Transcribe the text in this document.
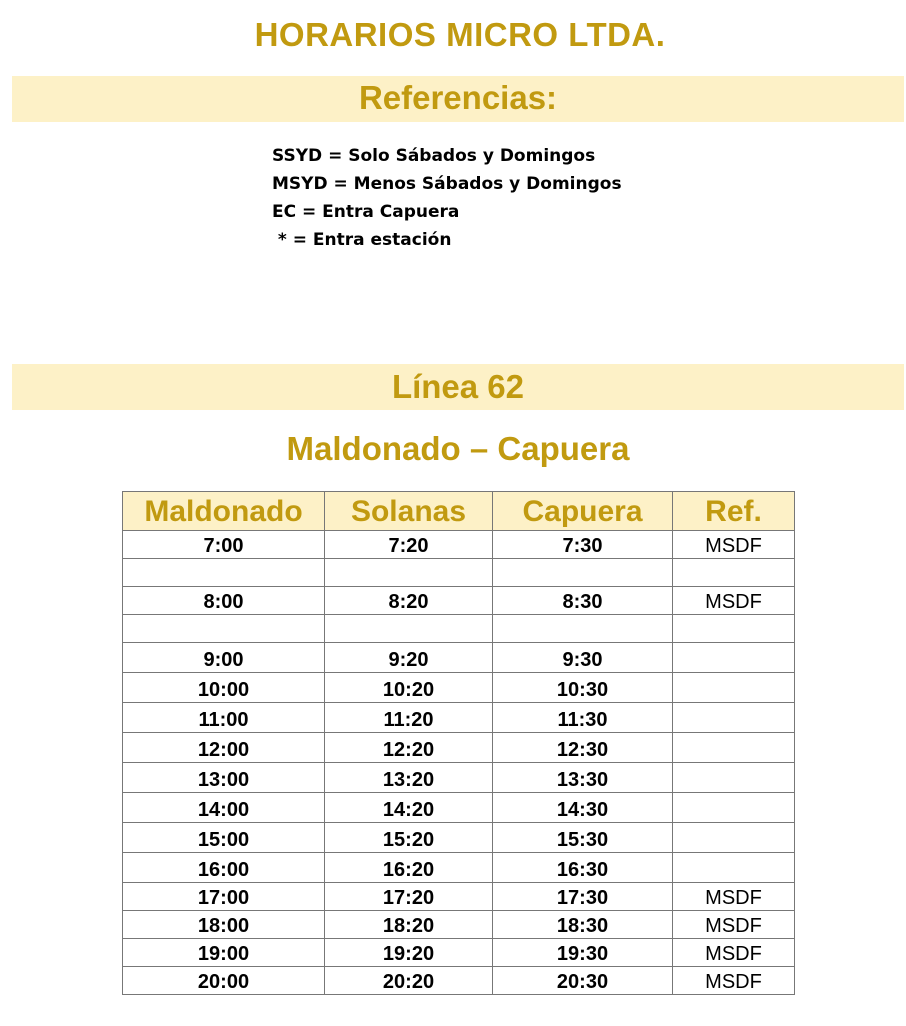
HORARIOS MICRO LTDA.
Referencias:
SSYD = Solo Sábados y Domingos
MSYD = Menos Sábados y Domingos
EC = Entra Capuera
* = Entra estación
Línea 62
Maldonado – Capuera
Maldonado	Solanas	Capuera	Ref.
7:00	7:20	7:30	MSDF

8:00	8:20	8:30	MSDF

9:00	9:20	9:30	
10:00	10:20	10:30	
11:00	11:20	11:30	
12:00	12:20	12:30	
13:00	13:20	13:30	
14:00	14:20	14:30	
15:00	15:20	15:30	
16:00	16:20	16:30	
17:00	17:20	17:30	MSDF
18:00	18:20	18:30	MSDF
19:00	19:20	19:30	MSDF
20:00	20:20	20:30	MSDF
